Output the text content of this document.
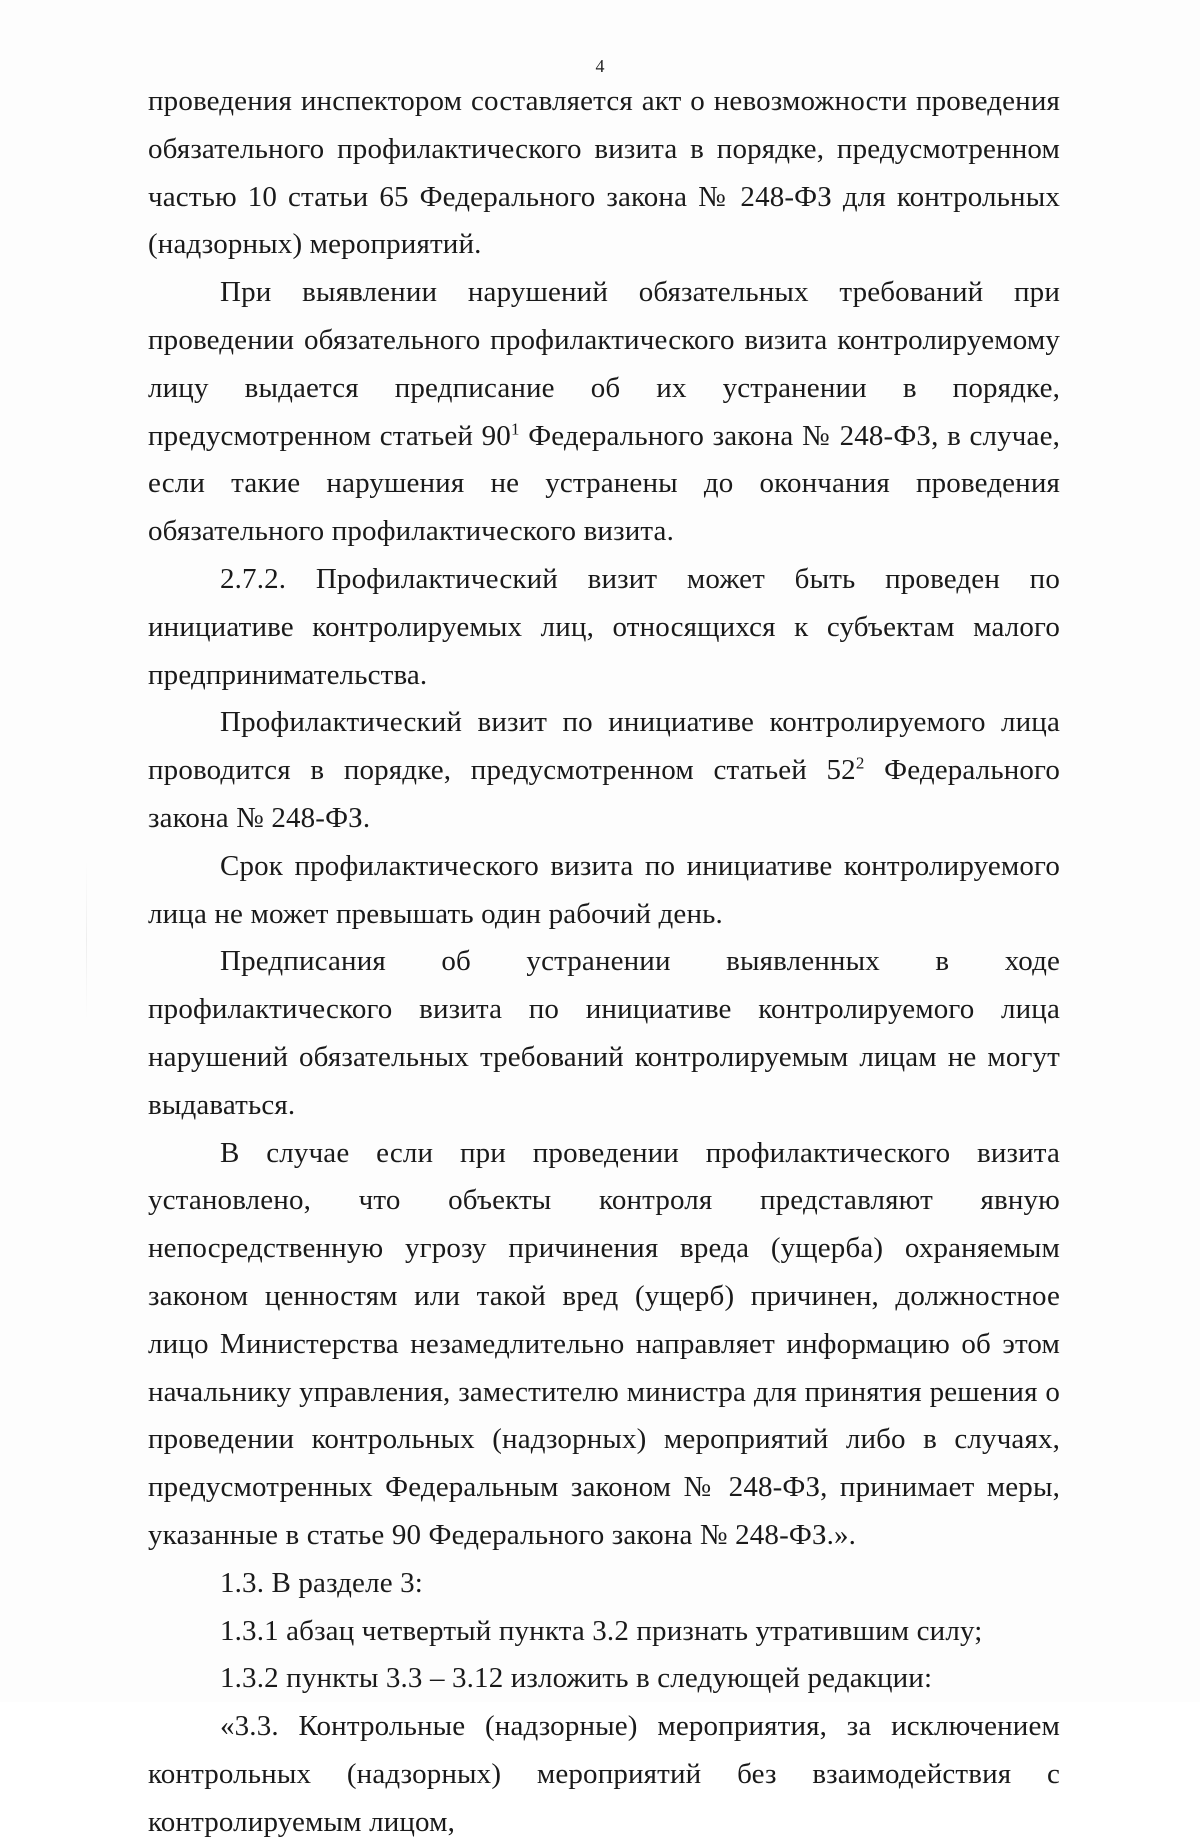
4

проведения инспектором составляется акт о невозможности проведения обязательного профилактического визита в порядке, предусмотренном частью 10 статьи 65 Федерального закона № 248-ФЗ для контрольных (надзорных) мероприятий.

При выявлении нарушений обязательных требований при проведении обязательного профилактического визита контролируемому лицу выдается предписание об их устранении в порядке, предусмотренном статьей $90^1$ Федерального закона № 248-ФЗ, в случае, если такие нарушения не устранены до окончания проведения обязательного профилактического визита.

2.7.2. Профилактический визит может быть проведен по инициативе контролируемых лиц, относящихся к субъектам малого предпринимательства.

Профилактический визит по инициативе контролируемого лица проводится в порядке, предусмотренном статьей $52^2$ Федерального закона № 248-ФЗ.

Срок профилактического визита по инициативе контролируемого лица не может превышать один рабочий день.

Предписания об устранении выявленных в ходе профилактического визита по инициативе контролируемого лица нарушений обязательных требований контролируемым лицам не могут выдаваться.

В случае если при проведении профилактического визита установлено, что объекты контроля представляют явную непосредственную угрозу причинения вреда (ущерба) охраняемым законом ценностям или такой вред (ущерб) причинен, должностное лицо Министерства незамедлительно направляет информацию об этом начальнику управления, заместителю министра для принятия решения о проведении контрольных (надзорных) мероприятий либо в случаях, предусмотренных Федеральным законом № 248-ФЗ, принимает меры, указанные в статье 90 Федерального закона № 248-ФЗ.».

1.3. В разделе 3:

1.3.1 абзац четвертый пункта 3.2 признать утратившим силу;

1.3.2 пункты 3.3 – 3.12 изложить в следующей редакции:

«3.3. Контрольные (надзорные) мероприятия, за исключением контрольных (надзорных) мероприятий без взаимодействия с контролируемым лицом,
